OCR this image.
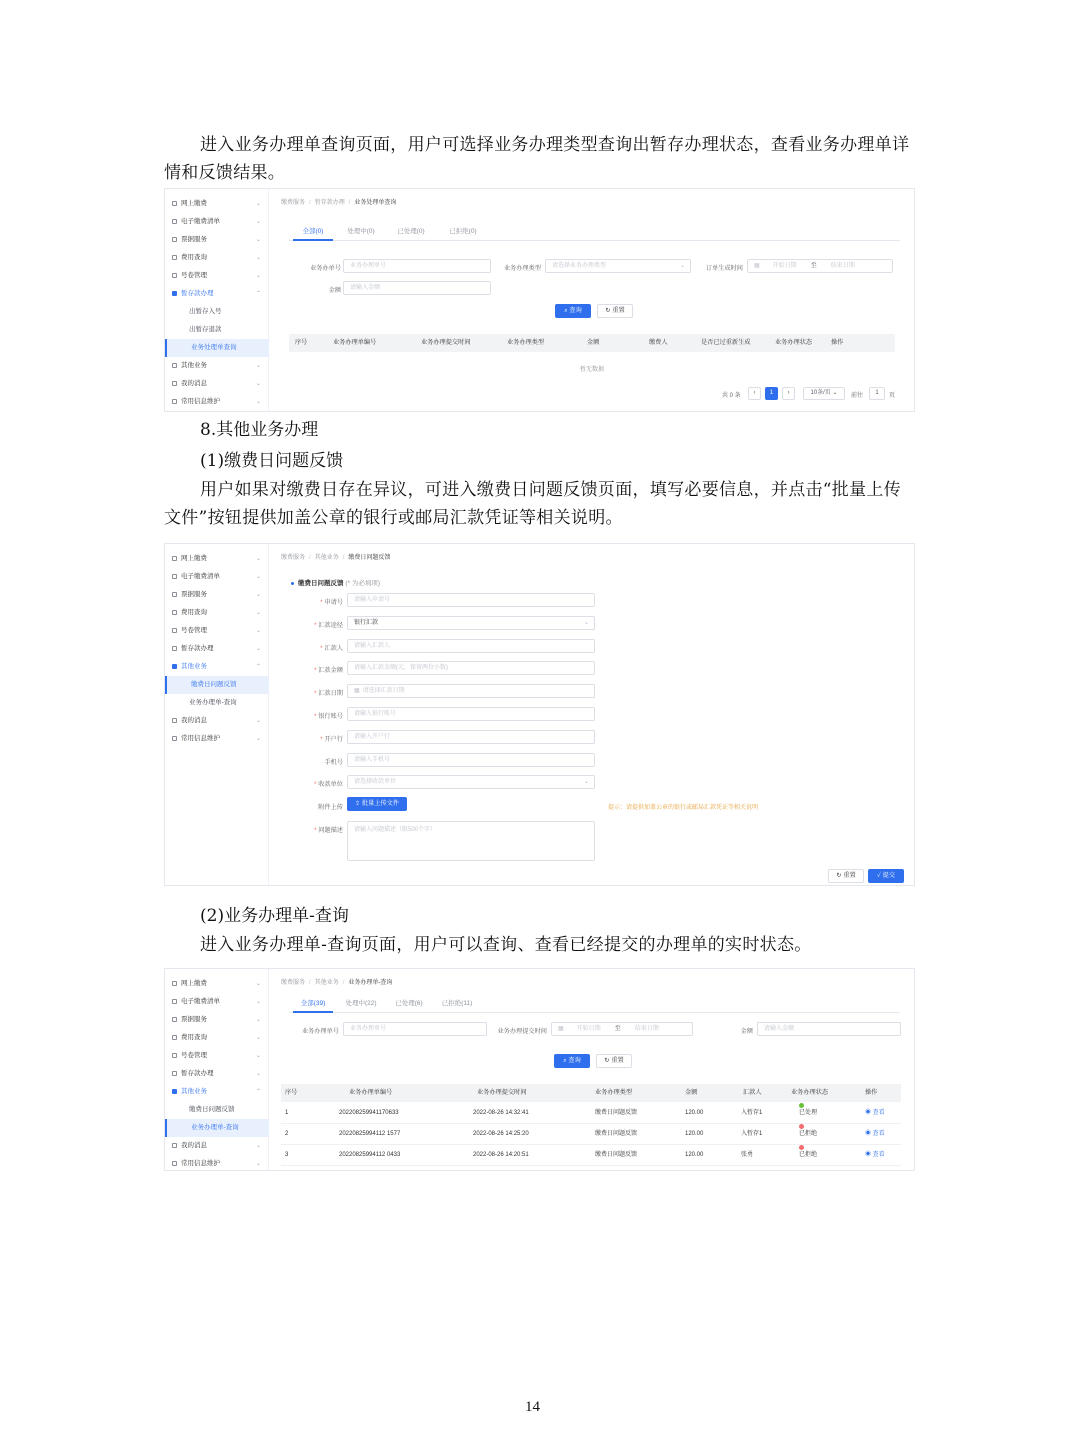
进入业务办理单查询页面，用户可选择业务办理类型查询出暂存办理状态，查看业务办理单详情和反馈结果。
⌄
网上缴费
⌄
电子缴费清单
⌄
票据服务
⌄
费用查询
⌄
号卷管理
⌃
暂存款办理
出暂存入号
出暂存退款
业务处理单查询
⌄
其他业务
⌄
我的消息
⌄
常用信息维护
缴费服务 / 暂存款办理 / 业务处理单查询
全部(0)	处理中(0)	已处理(0)	已拒绝(0)
业务办单号	业务办理单号	业务办理类型	请选择业务办理类型	⌄	订单生成时间	▦ 开始日期 至 结束日期
金额	请输入金额
⌕ 查询	↻ 重置
序号	业务办理单编号	业务办理提交时间	业务办理类型	金额	缴费人	是否已过重新生成	业务办理状态	操作
暂无数据
共 0 条	‹	1	›	10条/页 ⌄	前往	1	页
8.其他业务办理
(1)缴费日问题反馈
用户如果对缴费日存在异议，可进入缴费日问题反馈页面，填写必要信息，并点击“批量上传文件”按钮提供加盖公章的银行或邮局汇款凭证等相关说明。
⌄
网上缴费
⌄
电子缴费清单
⌄
票据服务
⌄
费用查询
⌄
号卷管理
⌄
暂存款办理
⌃
其他业务
缴费日问题反馈
业务办理单-查询
⌄
我的消息
⌄
常用信息维护
缴费服务 / 其他业务 / 缴费日问题反馈
缴费日问题反馈 (* 为必填项)
* 申请号	请输入申请号
* 汇款途径	银行汇款	⌄
* 汇款人	请输入汇款人
* 汇款金额	请输入汇款金额(元，保留两位小数)
* 汇款日期	▦ 请选择汇款日期
* 银行账号	请输入银行账号
* 开户行	请输入开户行
手机号	请输入手机号
* 收款单位	请选择收款单位	⌄
附件上传
⇪ 批量上传文件
提示：请提供加盖公章的银行或邮局汇款凭证等相关说明
* 问题描述	请输入问题描述（限500个字）
↻ 重置	✓ 提交
(2)业务办理单-查询
进入业务办理单-查询页面，用户可以查询、查看已经提交的办理单的实时状态。
⌄
网上缴费
⌄
电子缴费清单
⌄
票据服务
⌄
费用查询
⌄
号卷管理
⌄
暂存款办理
⌃
其他业务
缴费日问题反馈
业务办理单-查询
⌄
我的消息
⌄
常用信息维护
缴费服务 / 其他业务 / 业务办理单-查询
全部(39)	处理中(22)	已处理(6)	已拒绝(11)
业务办理单号	业务办理单号	业务办理提交时间	▦ 开始日期 至 结束日期	金额	请输入金额
⌕ 查询	↻ 重置
序号	业务办理单编号	业务办理提交时间	业务办理类型	金额	汇款人	业务办理状态	操作
1	2022082599411706​33	2022-08-26 14:32:41	缴费日问题反馈	120.00	入暂存1	已处理	◉ 查看
2	20220825994112 1577	2022-08-26 14:25:20	缴费日问题反馈	120.00	入暂存1	已拒绝	◉ 查看
3	20220825994112 0433	2022-08-26 14:20:51	缴费日问题反馈	120.00	张勇	已拒绝	◉ 查看
14
